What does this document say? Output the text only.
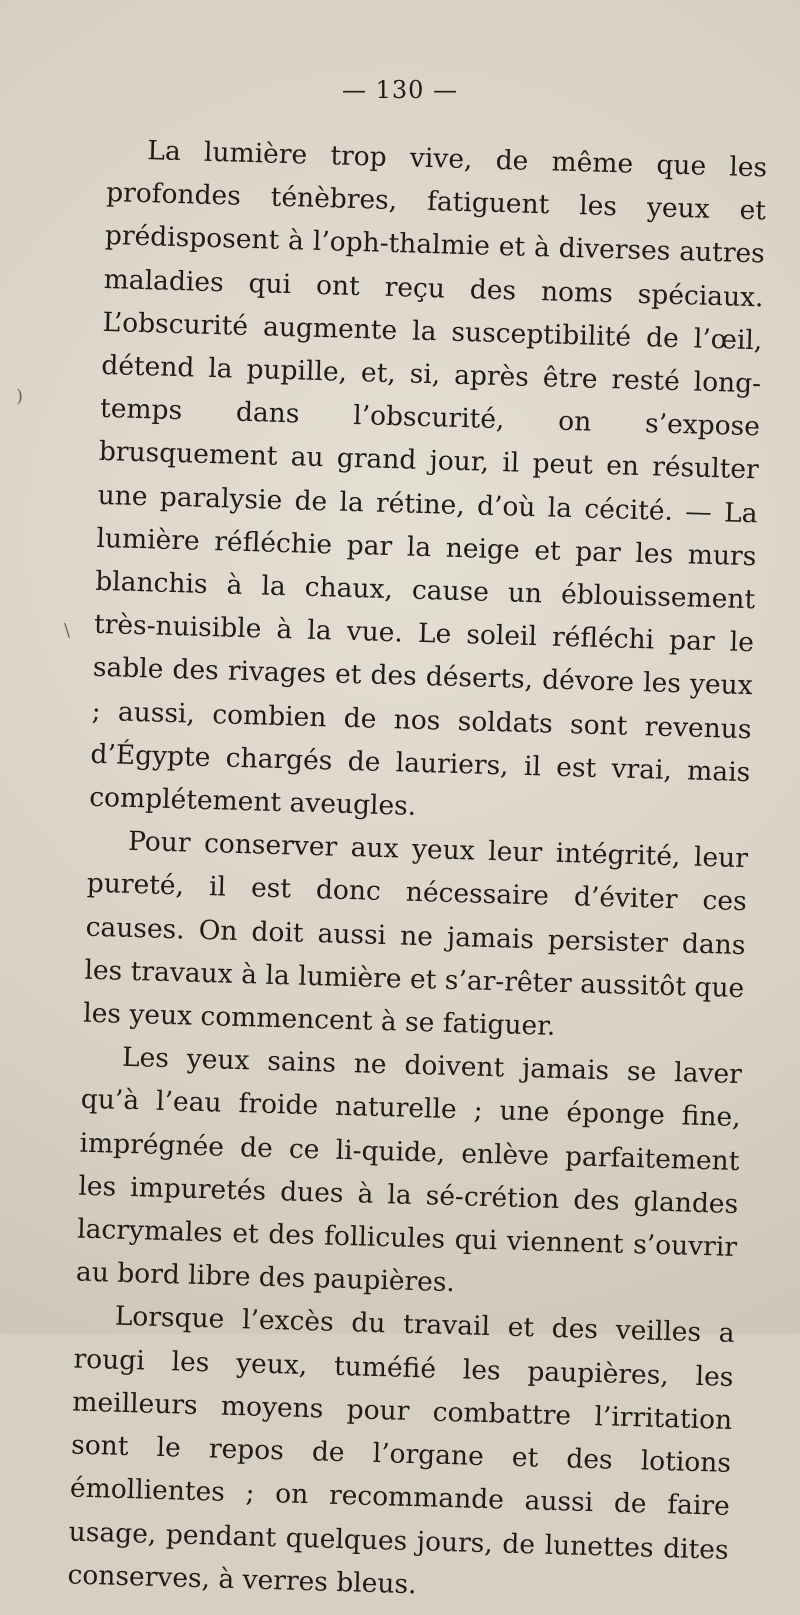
— 130 —

La lumière trop vive, de même que les profondes ténèbres, fatiguent les yeux et prédisposent à l’oph-thalmie et à diverses autres maladies qui ont reçu des noms spéciaux. L’obscurité augmente la susceptibilité de l’œil, détend la pupille, et, si, après être resté long-temps dans l’obscurité, on s’expose brusquement au grand jour, il peut en résulter une paralysie de la rétine, d’où la cécité. — La lumière réfléchie par la neige et par les murs blanchis à la chaux, cause un éblouissement très-nuisible à la vue. Le soleil réfléchi par le sable des rivages et des déserts, dévore les yeux ; aussi, combien de nos soldats sont revenus d’Égypte chargés de lauriers, il est vrai, mais complétement aveugles.

Pour conserver aux yeux leur intégrité, leur pureté, il est donc nécessaire d’éviter ces causes. On doit aussi ne jamais persister dans les travaux à la lumière et s’ar-rêter aussitôt que les yeux commencent à se fatiguer.

Les yeux sains ne doivent jamais se laver qu’à l’eau froide naturelle ; une éponge fine, imprégnée de ce li-quide, enlève parfaitement les impuretés dues à la sé-crétion des glandes lacrymales et des follicules qui viennent s’ouvrir au bord libre des paupières.

Lorsque l’excès du travail et des veilles a rougi les yeux, tuméfié les paupières, les meilleurs moyens pour combattre l’irritation sont le repos de l’organe et des lotions émollientes ; on recommande aussi de faire usage, pendant quelques jours, de lunettes dites conserves, à verres bleus.

)
\
